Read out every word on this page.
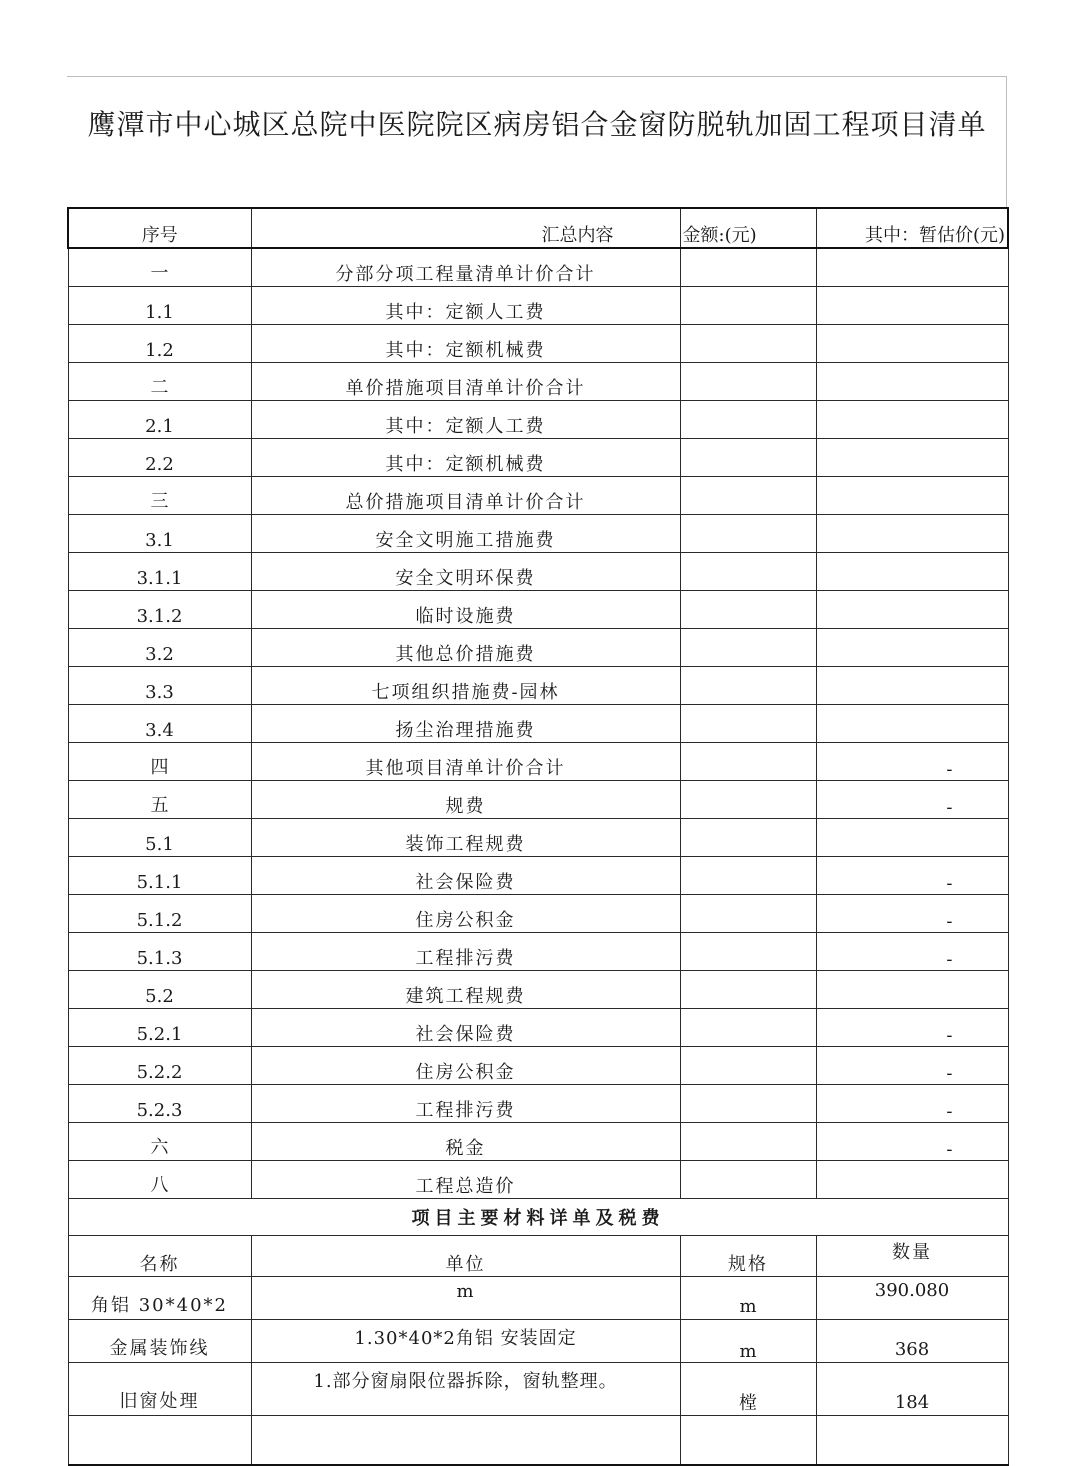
鹰潭市中心城区总院中医院院区病房铝合金窗防脱轨加固工程项目清单
序号	汇总内容	金额:(元)	其中：暂估价(元)
一	分部分项工程量清单计价合计		
1.1	其中：定额人工费		
1.2	其中：定额机械费		
二	单价措施项目清单计价合计		
2.1	其中：定额人工费		
2.2	其中：定额机械费		
三	总价措施项目清单计价合计		
3.1	安全文明施工措施费		
3.1.1	安全文明环保费		
3.1.2	临时设施费		
3.2	其他总价措施费		
3.3	七项组织措施费-园林		
3.4	扬尘治理措施费		
四	其他项目清单计价合计		-
五	规费		-
5.1	装饰工程规费		
5.1.1	社会保险费		-
5.1.2	住房公积金		-
5.1.3	工程排污费		-
5.2	建筑工程规费		
5.2.1	社会保险费		-
5.2.2	住房公积金		-
5.2.3	工程排污费		-
六	税金		-
八	工程总造价		
项目主要材料详单及税费			
名称	单位	规格	数量
角铝 30*40*2	m	m	390.080
金属装饰线	1.30*40*2角铝 安装固定	m	368
旧窗处理	1.部分窗扇限位器拆除，窗轨整理。	樘	184
